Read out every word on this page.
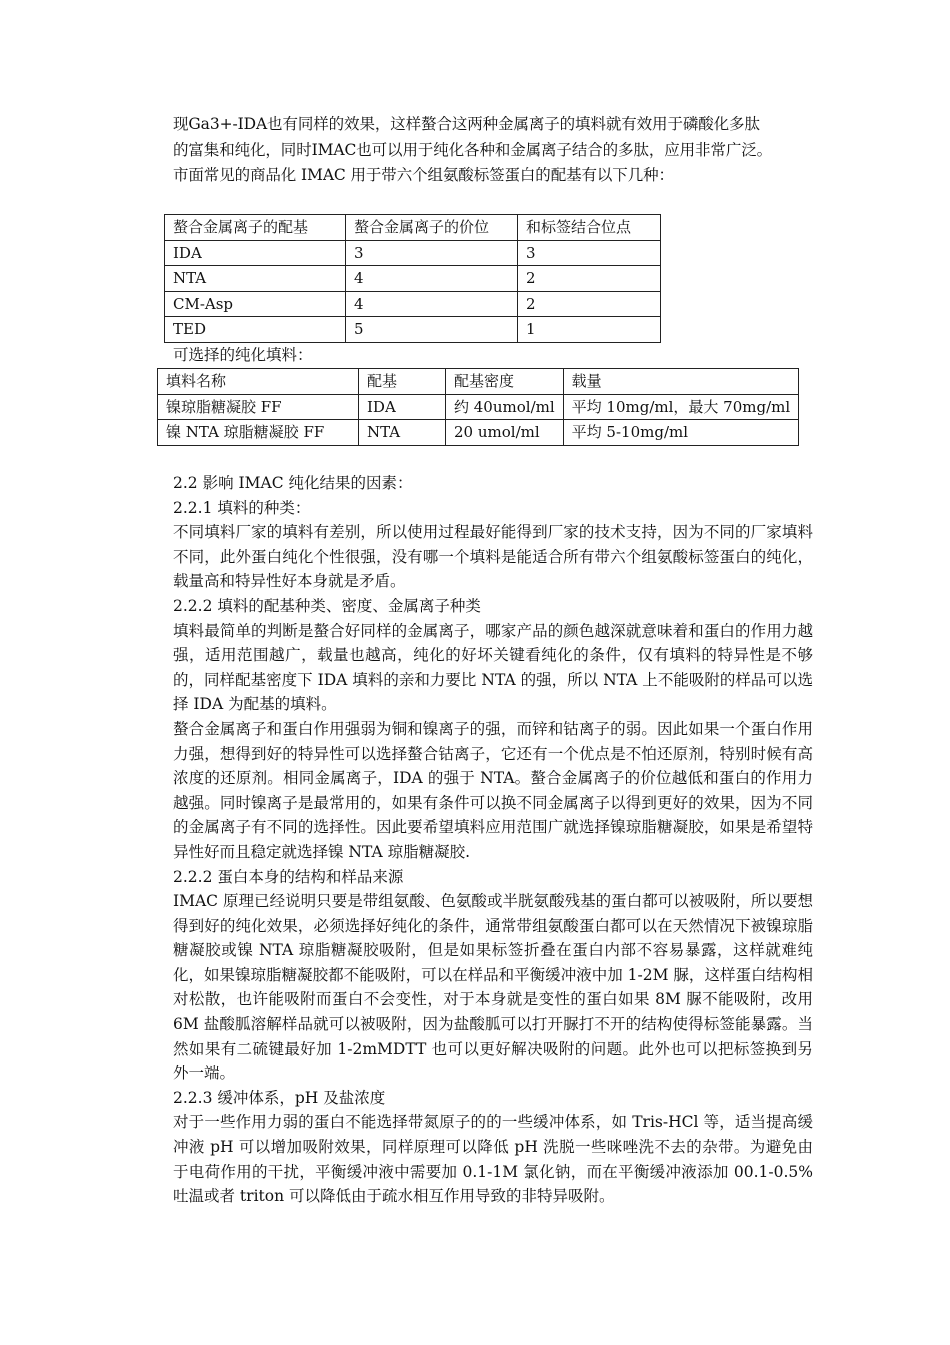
现Ga3+-IDA也有同样的效果，这样螯合这两种金属离子的填料就有效用于磷酸化多肽

的富集和纯化，同时IMAC也可以用于纯化各种和金属离子结合的多肽，应用非常广泛。

市面常见的商品化 IMAC 用于带六个组氨酸标签蛋白的配基有以下几种：

螯合金属离子的配基	螯合金属离子的价位	和标签结合位点
IDA	3	3
NTA	4	2
CM-Asp	4	2
TED	5	1
可选择的纯化填料：
填料名称	配基	配基密度	载量
镍琼脂糖凝胶 FF	IDA	约 40umol/ml	平均 10mg/ml，最大 70mg/ml
镍 NTA 琼脂糖凝胶 FF	NTA	20 umol/ml	平均 5-10mg/ml

2.2 影响 IMAC 纯化结果的因素：

2.2.1 填料的种类：

不同填料厂家的填料有差别，所以使用过程最好能得到厂家的技术支持，因为不同的厂家填料不同，此外蛋白纯化个性很强，没有哪一个填料是能适合所有带六个组氨酸标签蛋白的纯化，载量高和特异性好本身就是矛盾。

2.2.2 填料的配基种类、密度、金属离子种类

填料最简单的判断是螯合好同样的金属离子，哪家产品的颜色越深就意味着和蛋白的作用力越强，适用范围越广，载量也越高，纯化的好坏关键看纯化的条件，仅有填料的特异性是不够的，同样配基密度下 IDA 填料的亲和力要比 NTA 的强，所以 NTA 上不能吸附的样品可以选择 IDA 为配基的填料。

螯合金属离子和蛋白作用强弱为铜和镍离子的强，而锌和钴离子的弱。因此如果一个蛋白作用力强，想得到好的特异性可以选择螯合钴离子，它还有一个优点是不怕还原剂，特别时候有高浓度的还原剂。相同金属离子，IDA 的强于 NTA。螯合金属离子的价位越低和蛋白的作用力越强。同时镍离子是最常用的，如果有条件可以换不同金属离子以得到更好的效果，因为不同的金属离子有不同的选择性。因此要希望填料应用范围广就选择镍琼脂糖凝胶，如果是希望特异性好而且稳定就选择镍 NTA 琼脂糖凝胶.

2.2.2 蛋白本身的结构和样品来源

IMAC 原理已经说明只要是带组氨酸、色氨酸或半胱氨酸残基的蛋白都可以被吸附，所以要想得到好的纯化效果，必须选择好纯化的条件，通常带组氨酸蛋白都可以在天然情况下被镍琼脂糖凝胶或镍 NTA 琼脂糖凝胶吸附，但是如果标签折叠在蛋白内部不容易暴露，这样就难纯化，如果镍琼脂糖凝胶都不能吸附，可以在样品和平衡缓冲液中加 1-2M 脲，这样蛋白结构相对松散，也许能吸附而蛋白不会变性，对于本身就是变性的蛋白如果 8M 脲不能吸附，改用 6M 盐酸胍溶解样品就可以被吸附，因为盐酸胍可以打开脲打不开的结构使得标签能暴露。当然如果有二硫键最好加 1-2mMDTT 也可以更好解决吸附的问题。此外也可以把标签换到另外一端。

2.2.3 缓冲体系，pH 及盐浓度

对于一些作用力弱的蛋白不能选择带氮原子的的一些缓冲体系，如 Tris-HCl 等，适当提高缓冲液 pH 可以增加吸附效果，同样原理可以降低 pH 洗脱一些咪唑洗不去的杂带。为避免由于电荷作用的干扰，平衡缓冲液中需要加 0.1-1M 氯化钠，而在平衡缓冲液添加 00.1-0.5%吐温或者 triton 可以降低由于疏水相互作用导致的非特异吸附。
